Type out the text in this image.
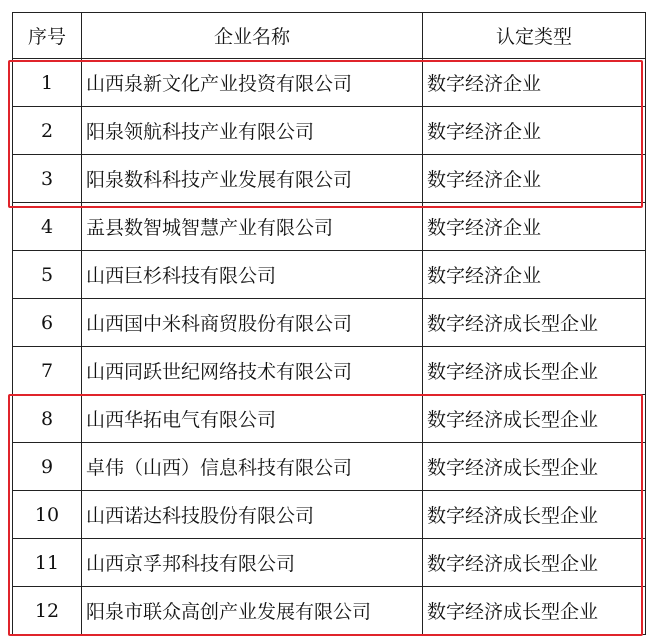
序号	企业名称	认定类型
1	山西泉新文化产业投资有限公司	数字经济企业
2	阳泉领航科技产业有限公司	数字经济企业
3	阳泉数科科技产业发展有限公司	数字经济企业
4	盂县数智城智慧产业有限公司	数字经济企业
5	山西巨杉科技有限公司	数字经济企业
6	山西国中米科商贸股份有限公司	数字经济成长型企业
7	山西同跃世纪网络技术有限公司	数字经济成长型企业
8	山西华拓电气有限公司	数字经济成长型企业
9	卓伟（山西）信息科技有限公司	数字经济成长型企业
10	山西诺达科技股份有限公司	数字经济成长型企业
11	山西京孚邦科技有限公司	数字经济成长型企业
12	阳泉市联众高创产业发展有限公司	数字经济成长型企业
